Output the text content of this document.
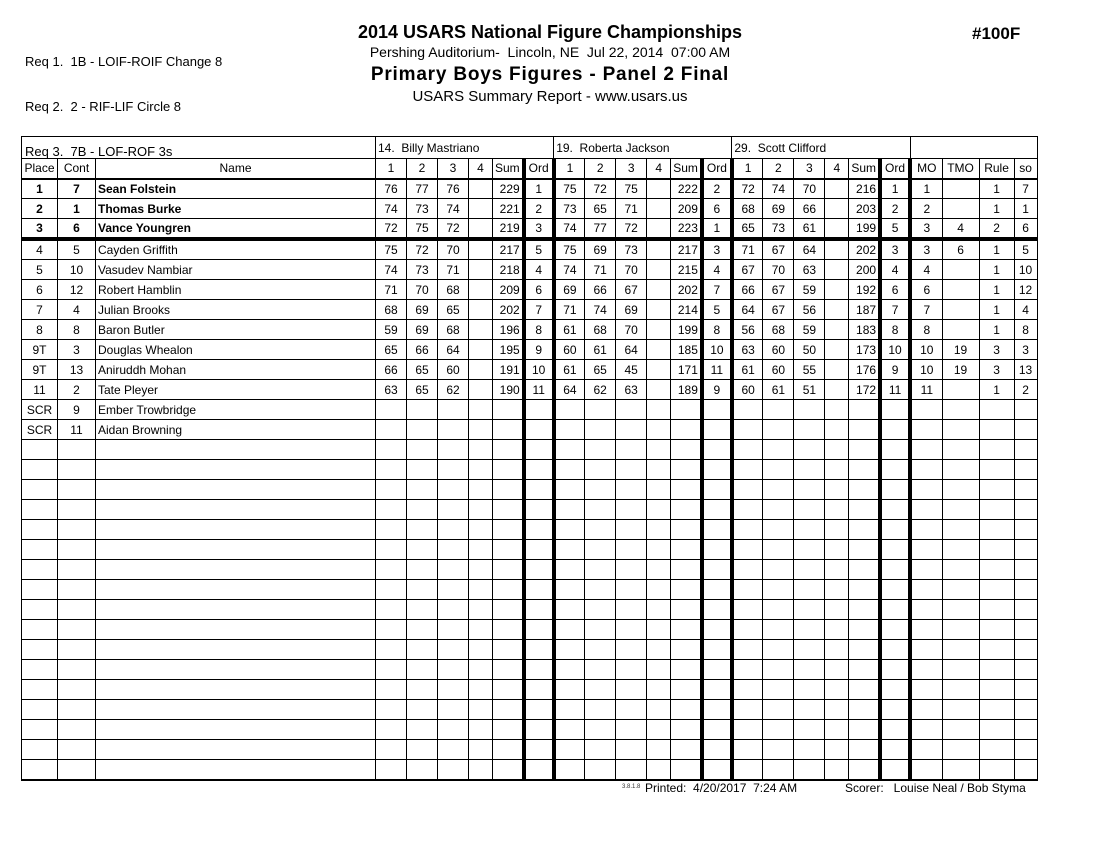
Req 1.  1B - LOIF-ROIF Change 8

Req 2.  2 - RIF-LIF Circle 8

Req 3.  7B - LOF-ROF 3s

2014 USARS National Figure Championships
Pershing Auditorium-  Lincoln, NE  Jul 22, 2014  07:00 AM
Primary Boys Figures - Panel 2 Final
USARS Summary Report - www.usars.us
#100F
			14.  Billy Mastriano						19.  Roberta Jackson						29.  Scott Clifford									
Place	Cont	Name	1	2	3	4	Sum	Ord	1	2	3	4	Sum	Ord	1	2	3	4	Sum	Ord	MO	TMO	Rule	so
1	7	Sean Folstein	76	77	76		229	1	75	72	75		222	2	72	74	70		216	1	1		1	7
2	1	Thomas Burke	74	73	74		221	2	73	65	71		209	6	68	69	66		203	2	2		1	1
3	6	Vance Youngren	72	75	72		219	3	74	77	72		223	1	65	73	61		199	5	3	4	2	6
4	5	Cayden Griffith	75	72	70		217	5	75	69	73		217	3	71	67	64		202	3	3	6	1	5
5	10	Vasudev Nambiar	74	73	71		218	4	74	71	70		215	4	67	70	63		200	4	4		1	10
6	12	Robert Hamblin	71	70	68		209	6	69	66	67		202	7	66	67	59		192	6	6		1	12
7	4	Julian Brooks	68	69	65		202	7	71	74	69		214	5	64	67	56		187	7	7		1	4
8	8	Baron Butler	59	69	68		196	8	61	68	70		199	8	56	68	59		183	8	8		1	8
9T	3	Douglas Whealon	65	66	64		195	9	60	61	64		185	10	63	60	50		173	10	10	19	3	3
9T	13	Aniruddh Mohan	66	65	60		191	10	61	65	45		171	11	61	60	55		176	9	10	19	3	13
11	2	Tate Pleyer	63	65	62		190	11	64	62	63		189	9	60	61	51		172	11	11		1	2
SCR	9	Ember Trowbridge																						
SCR	11	Aidan Browning																						

3.8.1.8 Printed:  4/20/2017  7:24 AM	Scorer:   Louise Neal / Bob Styma
